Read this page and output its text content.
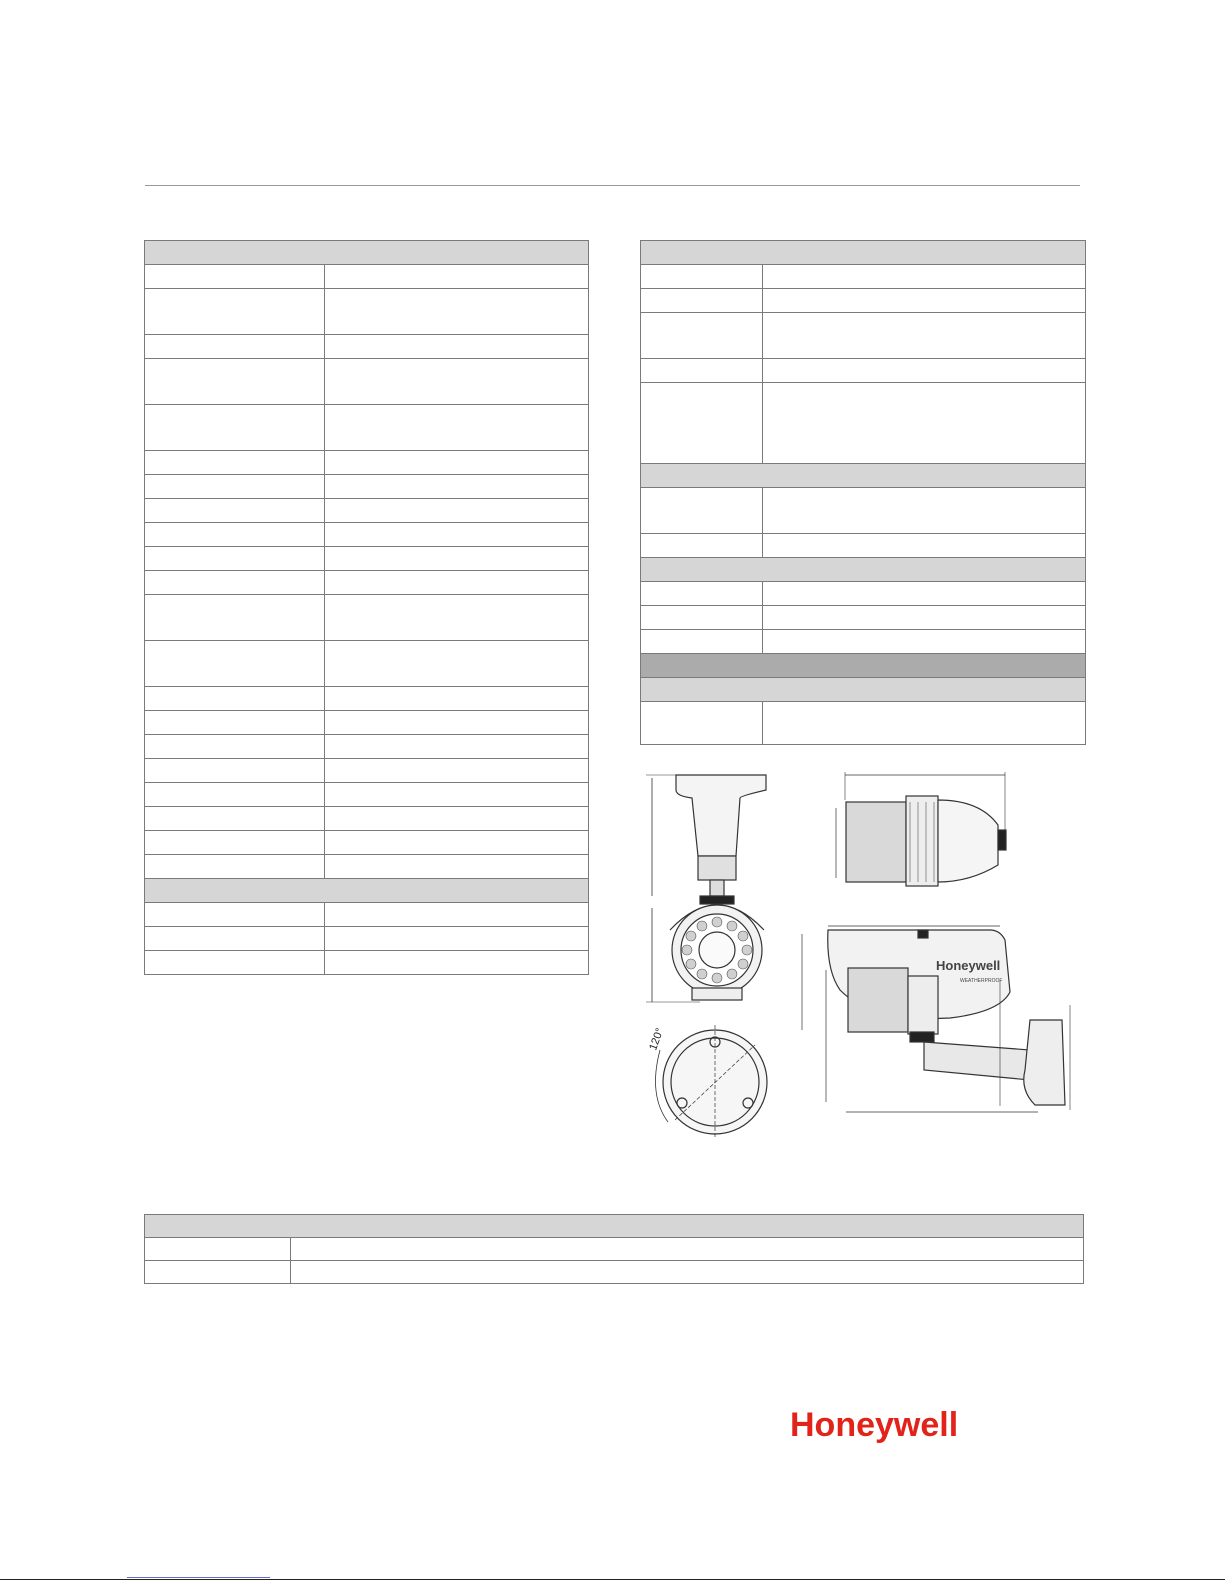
120°
Honeywell
WEATHERPROOF
Honeywell
